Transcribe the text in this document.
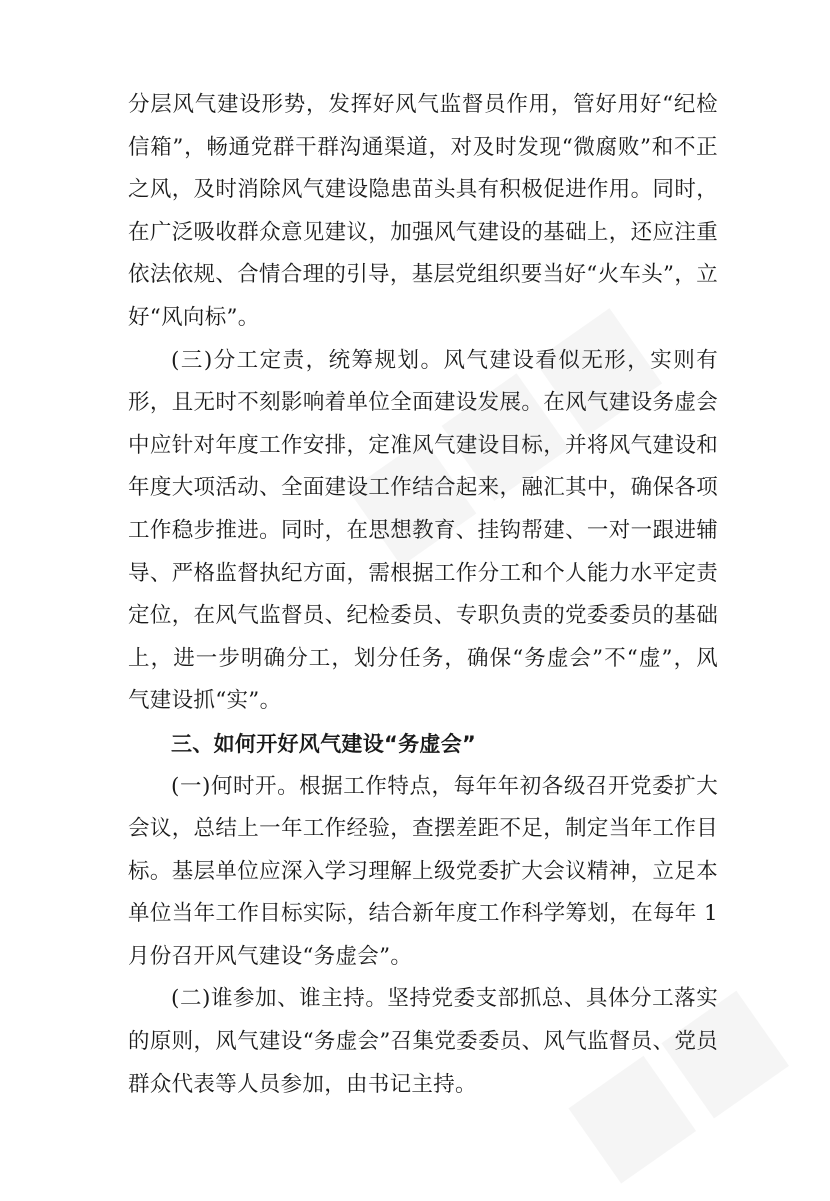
分层风气建设形势，发挥好风气监督员作用，管好用好“纪检信箱”，畅通党群干群沟通渠道，对及时发现“微腐败”和不正之风，及时消除风气建设隐患苗头具有积极促进作用。同时，在广泛吸收群众意见建议，加强风气建设的基础上，还应注重依法依规、合情合理的引导，基层党组织要当好“火车头”，立好“风向标”。

(三)分工定责，统筹规划。风气建设看似无形，实则有形，且无时不刻影响着单位全面建设发展。在风气建设务虚会中应针对年度工作安排，定准风气建设目标，并将风气建设和年度大项活动、全面建设工作结合起来，融汇其中，确保各项工作稳步推进。同时，在思想教育、挂钩帮建、一对一跟进辅导、严格监督执纪方面，需根据工作分工和个人能力水平定责定位，在风气监督员、纪检委员、专职负责的党委委员的基础上，进一步明确分工，划分任务，确保“务虚会”不“虚”，风气建设抓“实”。

三、如何开好风气建设“务虚会”

(一)何时开。根据工作特点，每年年初各级召开党委扩大会议，总结上一年工作经验，查摆差距不足，制定当年工作目标。基层单位应深入学习理解上级党委扩大会议精神，立足本单位当年工作目标实际，结合新年度工作科学筹划，在每年 1 月份召开风气建设“务虚会”。

(二)谁参加、谁主持。坚持党委支部抓总、具体分工落实的原则，风气建设“务虚会”召集党委委员、风气监督员、党员群众代表等人员参加，由书记主持。
